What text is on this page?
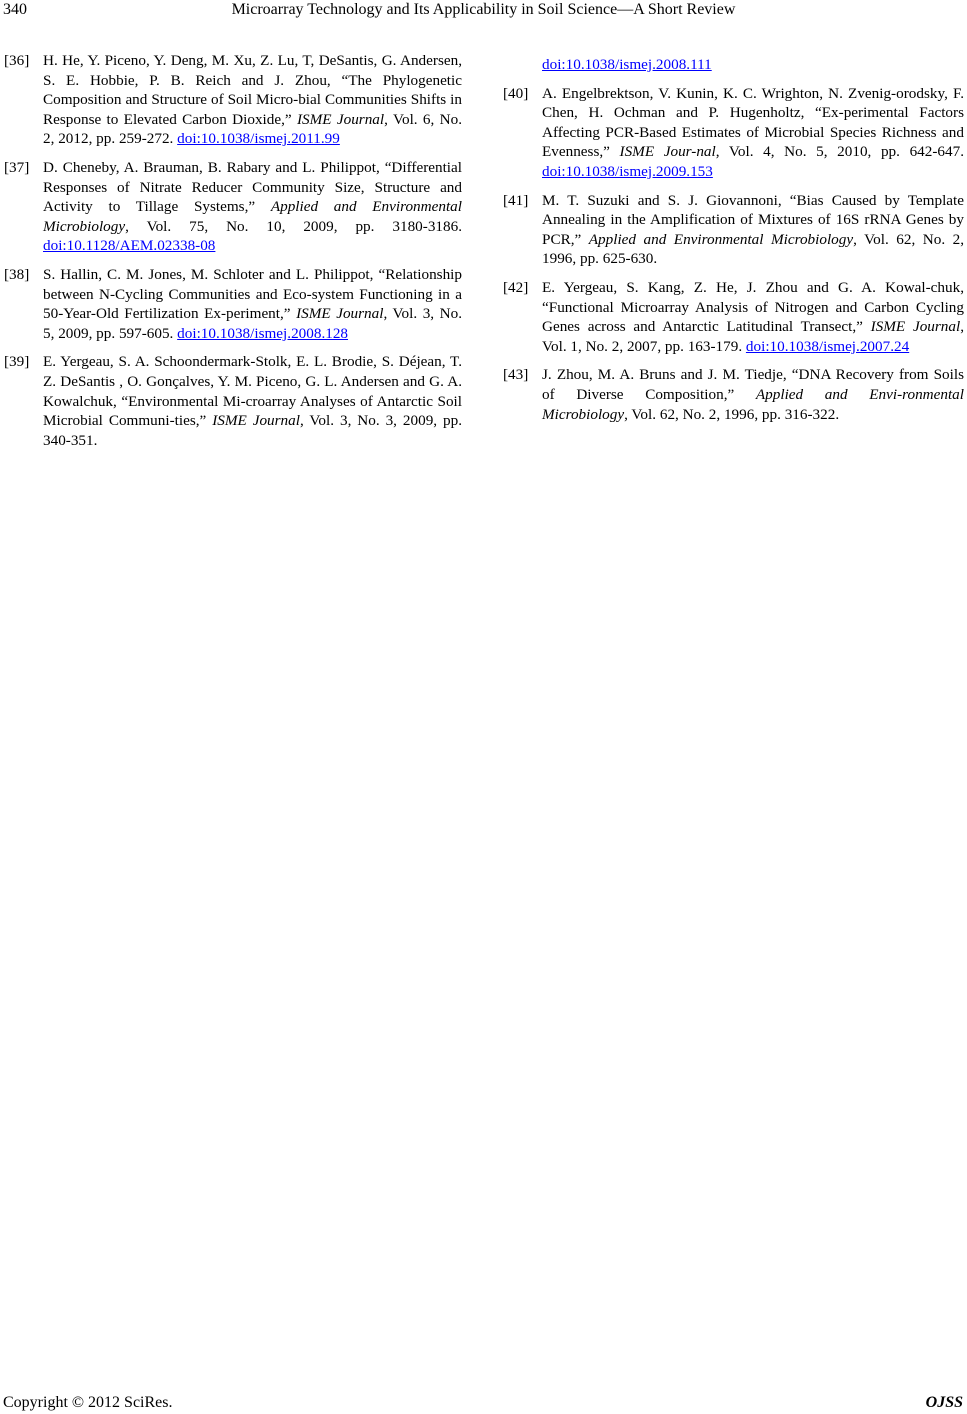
340	Microarray Technology and Its Applicability in Soil Science—A Short Review
[36] H. He, Y. Piceno, Y. Deng, M. Xu, Z. Lu, T, DeSantis, G. Andersen, S. E. Hobbie, P. B. Reich and J. Zhou, “The Phylogenetic Composition and Structure of Soil Micro-bial Communities Shifts in Response to Elevated Carbon Dioxide,” ISME Journal, Vol. 6, No. 2, 2012, pp. 259-272. doi:10.1038/ismej.2011.99
[37] D. Cheneby, A. Brauman, B. Rabary and L. Philippot, “Differential Responses of Nitrate Reducer Community Size, Structure and Activity to Tillage Systems,” Applied and Environmental Microbiology, Vol. 75, No. 10, 2009, pp. 3180-3186. doi:10.1128/AEM.02338-08
[38] S. Hallin, C. M. Jones, M. Schloter and L. Philippot, “Relationship between N-Cycling Communities and Eco-system Functioning in a 50-Year-Old Fertilization Ex-periment,” ISME Journal, Vol. 3, No. 5, 2009, pp. 597-605. doi:10.1038/ismej.2008.128
[39] E. Yergeau, S. A. Schoondermark-Stolk, E. L. Brodie, S. Déjean, T. Z. DeSantis , O. Gonçalves, Y. M. Piceno, G. L. Andersen and G. A. Kowalchuk, “Environmental Mi-croarray Analyses of Antarctic Soil Microbial Communi-ties,” ISME Journal, Vol. 3, No. 3, 2009, pp. 340-351.
doi:10.1038/ismej.2008.111
[40] A. Engelbrektson, V. Kunin, K. C. Wrighton, N. Zvenig-orodsky, F. Chen, H. Ochman and P. Hugenholtz, “Ex-perimental Factors Affecting PCR-Based Estimates of Microbial Species Richness and Evenness,” ISME Jour-nal, Vol. 4, No. 5, 2010, pp. 642-647. doi:10.1038/ismej.2009.153
[41] M. T. Suzuki and S. J. Giovannoni, “Bias Caused by Template Annealing in the Amplification of Mixtures of 16S rRNA Genes by PCR,” Applied and Environmental Microbiology, Vol. 62, No. 2, 1996, pp. 625-630.
[42] E. Yergeau, S. Kang, Z. He, J. Zhou and G. A. Kowal-chuk, “Functional Microarray Analysis of Nitrogen and Carbon Cycling Genes across and Antarctic Latitudinal Transect,” ISME Journal, Vol. 1, No. 2, 2007, pp. 163-179. doi:10.1038/ismej.2007.24
[43] J. Zhou, M. A. Bruns and J. M. Tiedje, “DNA Recovery from Soils of Diverse Composition,” Applied and Envi-ronmental Microbiology, Vol. 62, No. 2, 1996, pp. 316-322.
Copyright © 2012 SciRes.	OJSS
